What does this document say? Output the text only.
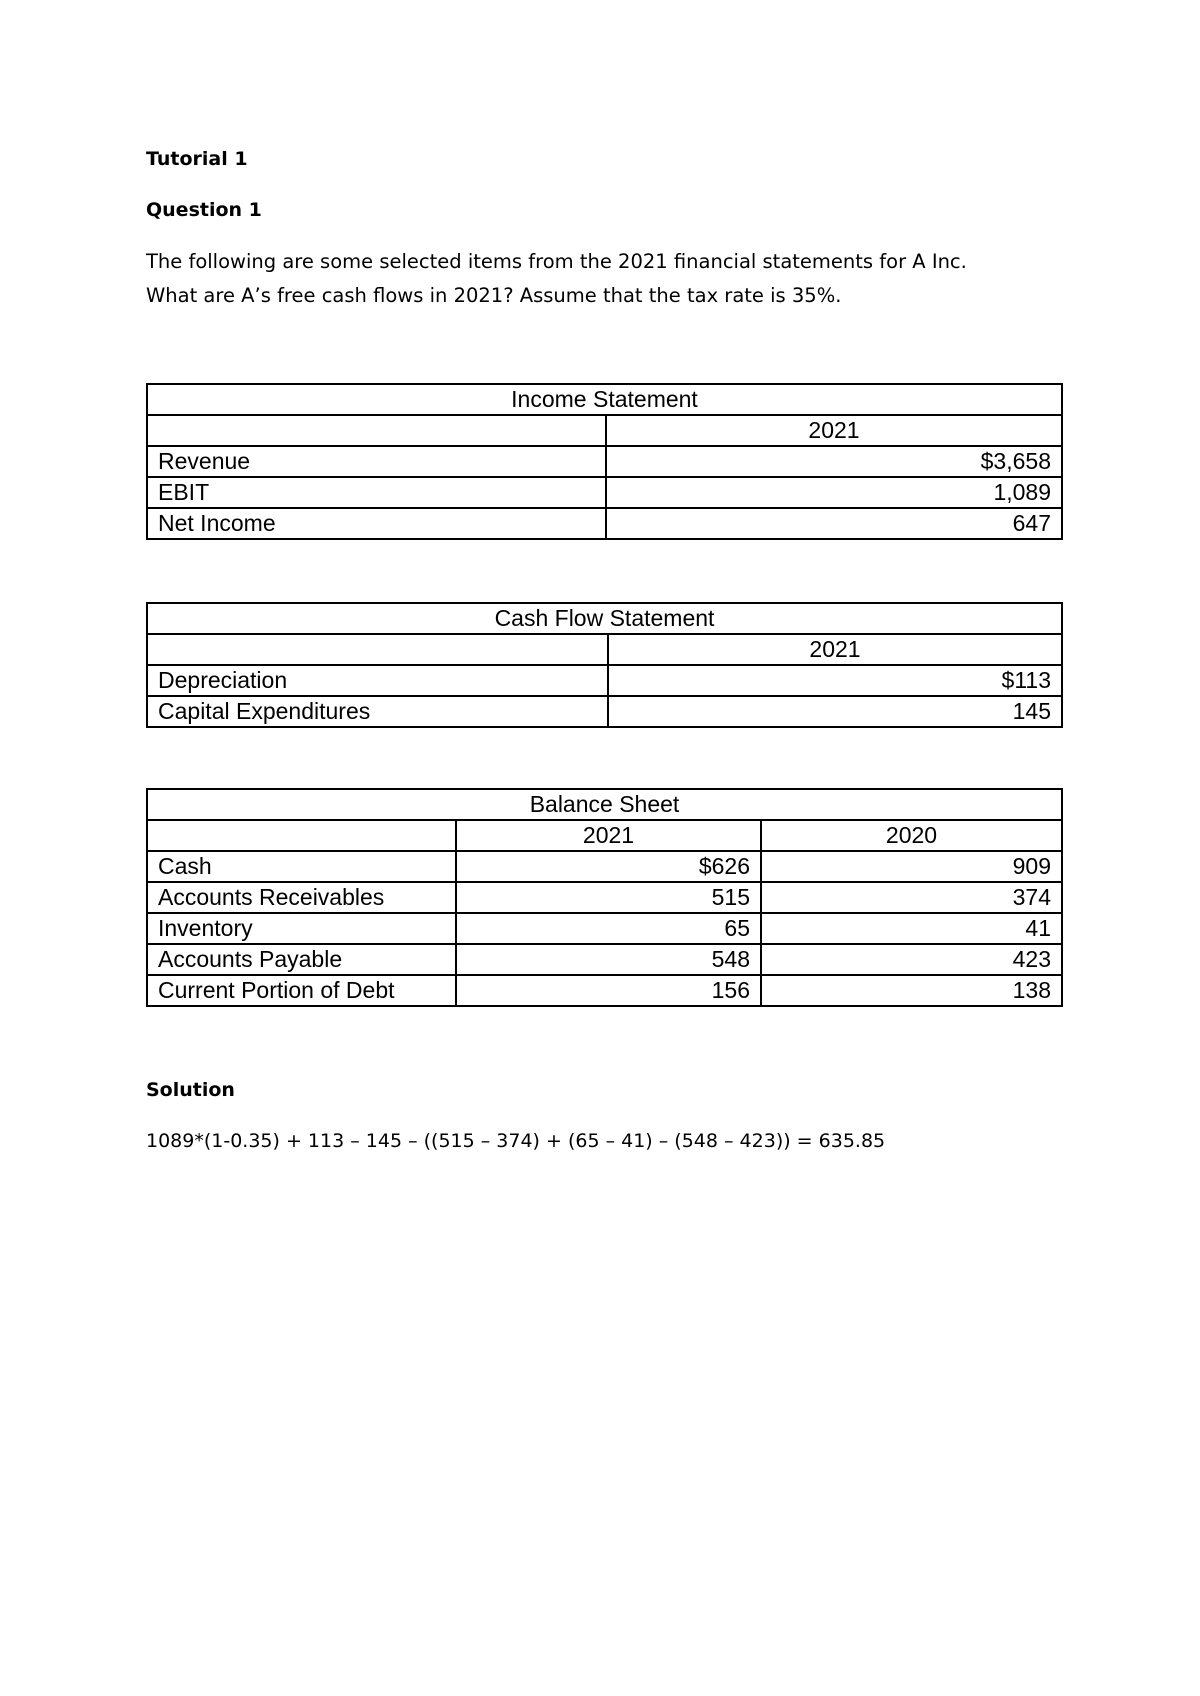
Tutorial 1
Question 1
The following are some selected items from the 2021 financial statements for A Inc.
What are A’s free cash flows in 2021? Assume that the tax rate is 35%.
Income Statement	
	2021
Revenue	$3,658
EBIT	1,089
Net Income	647
Cash Flow Statement	
	2021
Depreciation	$113
Capital Expenditures	145
Balance Sheet		
	2021	2020
Cash	$626	909
Accounts Receivables	515	374
Inventory	65	41
Accounts Payable	548	423
Current Portion of Debt	156	138
Solution
1089*(1-0.35) + 113 – 145 – ((515 – 374) + (65 – 41) – (548 – 423)) = 635.85
